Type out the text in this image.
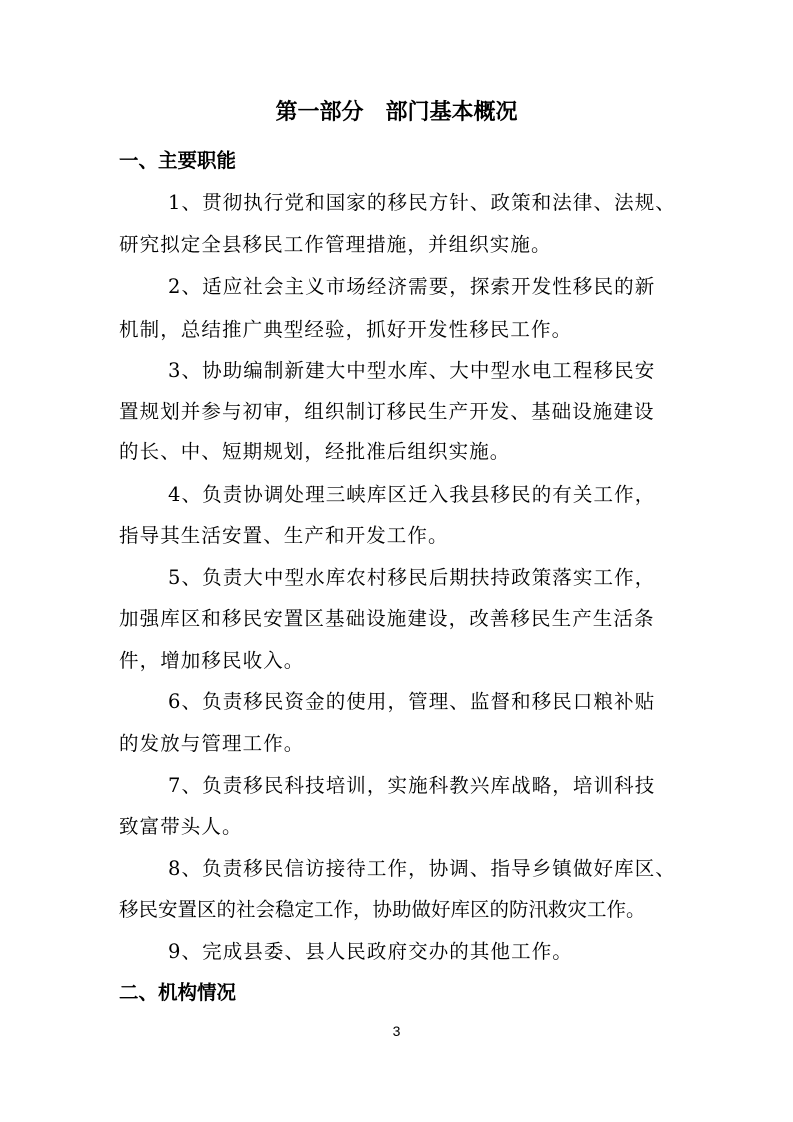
第一部分　部门基本概况
一、主要职能

1、贯彻执行党和国家的移民方针、政策和法律、法规、

研究拟定全县移民工作管理措施，并组织实施。

2、适应社会主义市场经济需要，探索开发性移民的新

机制，总结推广典型经验，抓好开发性移民工作。

3、协助编制新建大中型水库、大中型水电工程移民安

置规划并参与初审，组织制订移民生产开发、基础设施建设

的长、中、短期规划，经批准后组织实施。

4、负责协调处理三峡库区迁入我县移民的有关工作，

指导其生活安置、生产和开发工作。

5、负责大中型水库农村移民后期扶持政策落实工作，

加强库区和移民安置区基础设施建设，改善移民生产生活条

件，增加移民收入。

6、负责移民资金的使用，管理、监督和移民口粮补贴

的发放与管理工作。

7、负责移民科技培训，实施科教兴库战略，培训科技

致富带头人。

8、负责移民信访接待工作，协调、指导乡镇做好库区、

移民安置区的社会稳定工作，协助做好库区的防汛救灾工作。

9、完成县委、县人民政府交办的其他工作。

二、机构情况

3
